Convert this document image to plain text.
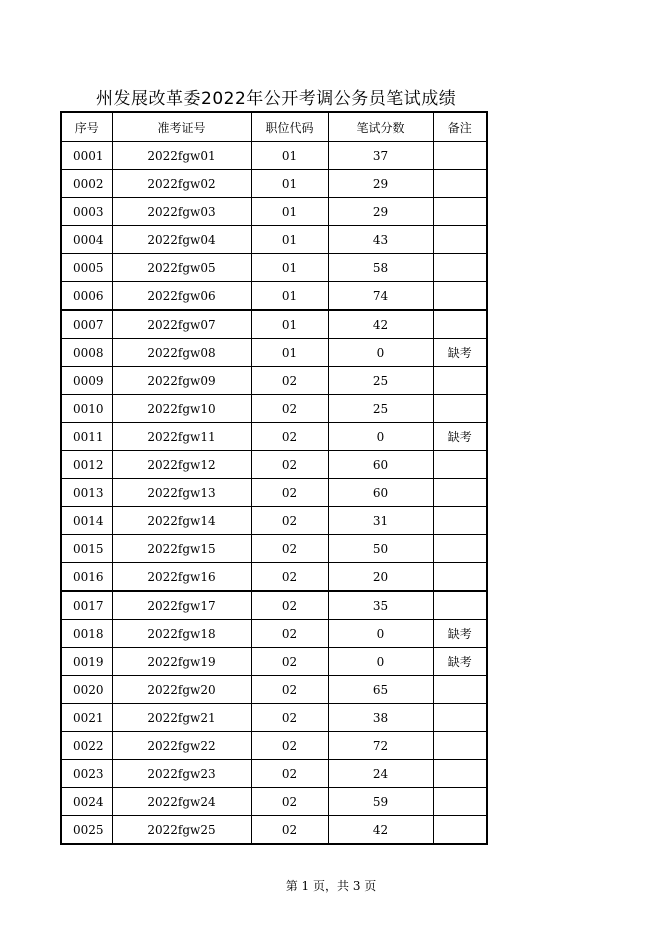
州发展改革委2022年公开考调公务员笔试成绩
序号	准考证号	职位代码	笔试分数	备注
0001	2022fgw01	01	37	
0002	2022fgw02	01	29	
0003	2022fgw03	01	29	
0004	2022fgw04	01	43	
0005	2022fgw05	01	58	
0006	2022fgw06	01	74	
0007	2022fgw07	01	42	
0008	2022fgw08	01	0	缺考
0009	2022fgw09	02	25	
0010	2022fgw10	02	25	
0011	2022fgw11	02	0	缺考
0012	2022fgw12	02	60	
0013	2022fgw13	02	60	
0014	2022fgw14	02	31	
0015	2022fgw15	02	50	
0016	2022fgw16	02	20	
0017	2022fgw17	02	35	
0018	2022fgw18	02	0	缺考
0019	2022fgw19	02	0	缺考
0020	2022fgw20	02	65	
0021	2022fgw21	02	38	
0022	2022fgw22	02	72	
0023	2022fgw23	02	24	
0024	2022fgw24	02	59	
0025	2022fgw25	02	42	
第 1 页，共 3 页
